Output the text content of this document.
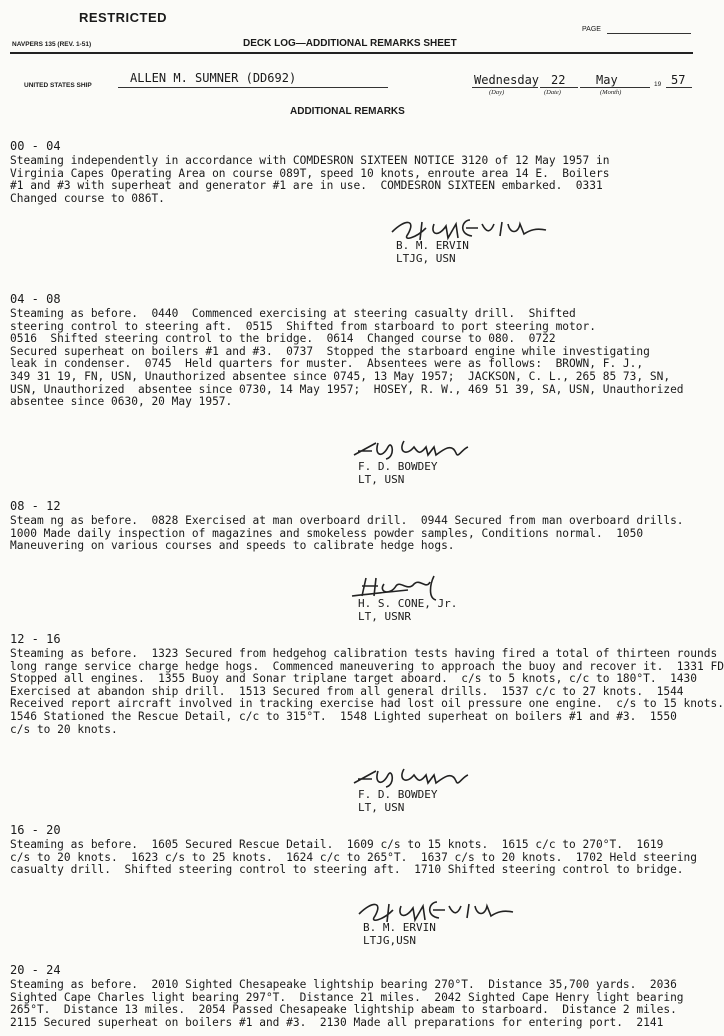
RESTRICTED
PAGE
NAVPERS 135 (REV. 1-51)	DECK LOG—ADDITIONAL REMARKS SHEET
UNITED STATES SHIP
ALLEN M. SUMNER (DD692)	Wednesday 22	May	19 57
(Day)	(Date)	(Month)
ADDITIONAL REMARKS
00 - 04
Steaming independently in accordance with COMDESRON SIXTEEN NOTICE 3120 of 12 May 1957 in
Virginia Capes Operating Area on course 089T, speed 10 knots, enroute area 14 E.  Boilers
#1 and #3 with superheat and generator #1 are in use.  COMDESRON SIXTEEN embarked.  0331
Changed course to 086T.
B. M. ERVIN
LTJG, USN
04 - 08
Steaming as before.  0440  Commenced exercising at steering casualty drill.  Shifted
steering control to steering aft.  0515  Shifted from starboard to port steering motor.
0516  Shifted steering control to the bridge.  0614  Changed course to 080.  0722
Secured superheat on boilers #1 and #3.  0737  Stopped the starboard engine while investigating
leak in condenser.  0745  Held quarters for muster.  Absentees were as follows:  BROWN, F. J.,
349 31 19, FN, USN, Unauthorized absentee since 0745, 13 May 1957;  JACKSON, C. L., 265 85 73, SN,
USN, Unauthorized  absentee since 0730, 14 May 1957;  HOSEY, R. W., 469 51 39, SA, USN, Unauthorized
absentee since 0630, 20 May 1957.
F. D. BOWDEY
LT, USN
08 - 12
Steam ng as before.  0828 Exercised at man overboard drill.  0944 Secured from man overboard drills.
1000 Made daily inspection of magazines and smokeless powder samples, Conditions normal.  1050
Maneuvering on various courses and speeds to calibrate hedge hogs.
H. S. CONE, Jr.
LT, USNR
12 - 16
Steaming as before.  1323 Secured from hedgehog calibration tests having fired a total of thirteen rounds
long range service charge hedge hogs.  Commenced maneuvering to approach the buoy and recover it.  1331 FD
Stopped all engines.  1355 Buoy and Sonar triplane target aboard.  c/s to 5 knots, c/c to 180°T.  1430
Exercised at abandon ship drill.  1513 Secured from all general drills.  1537 c/c to 27 knots.  1544
Received report aircraft involved in tracking exercise had lost oil pressure one engine.  c/s to 15 knots.
1546 Stationed the Rescue Detail, c/c to 315°T.  1548 Lighted superheat on boilers #1 and #3.  1550
c/s to 20 knots.
F. D. BOWDEY
LT, USN
16 - 20
Steaming as before.  1605 Secured Rescue Detail.  1609 c/s to 15 knots.  1615 c/c to 270°T.  1619
c/s to 20 knots.  1623 c/s to 25 knots.  1624 c/c to 265°T.  1637 c/s to 20 knots.  1702 Held steering
casualty drill.  Shifted steering control to steering aft.  1710 Shifted steering control to bridge.
B. M. ERVIN
LTJG,USN
20 - 24
Steaming as before.  2010 Sighted Chesapeake lightship bearing 270°T.  Distance 35,700 yards.  2036
Sighted Cape Charles light bearing 297°T.  Distance 21 miles.  2042 Sighted Cape Henry light bearing
265°T.  Distance 13 miles.  2054 Passed Chesapeake lightship abeam to starboard.  Distance 2 miles.
2115 Secured superheat on boilers #1 and #3.  2130 Made all preparations for entering port.  2141
